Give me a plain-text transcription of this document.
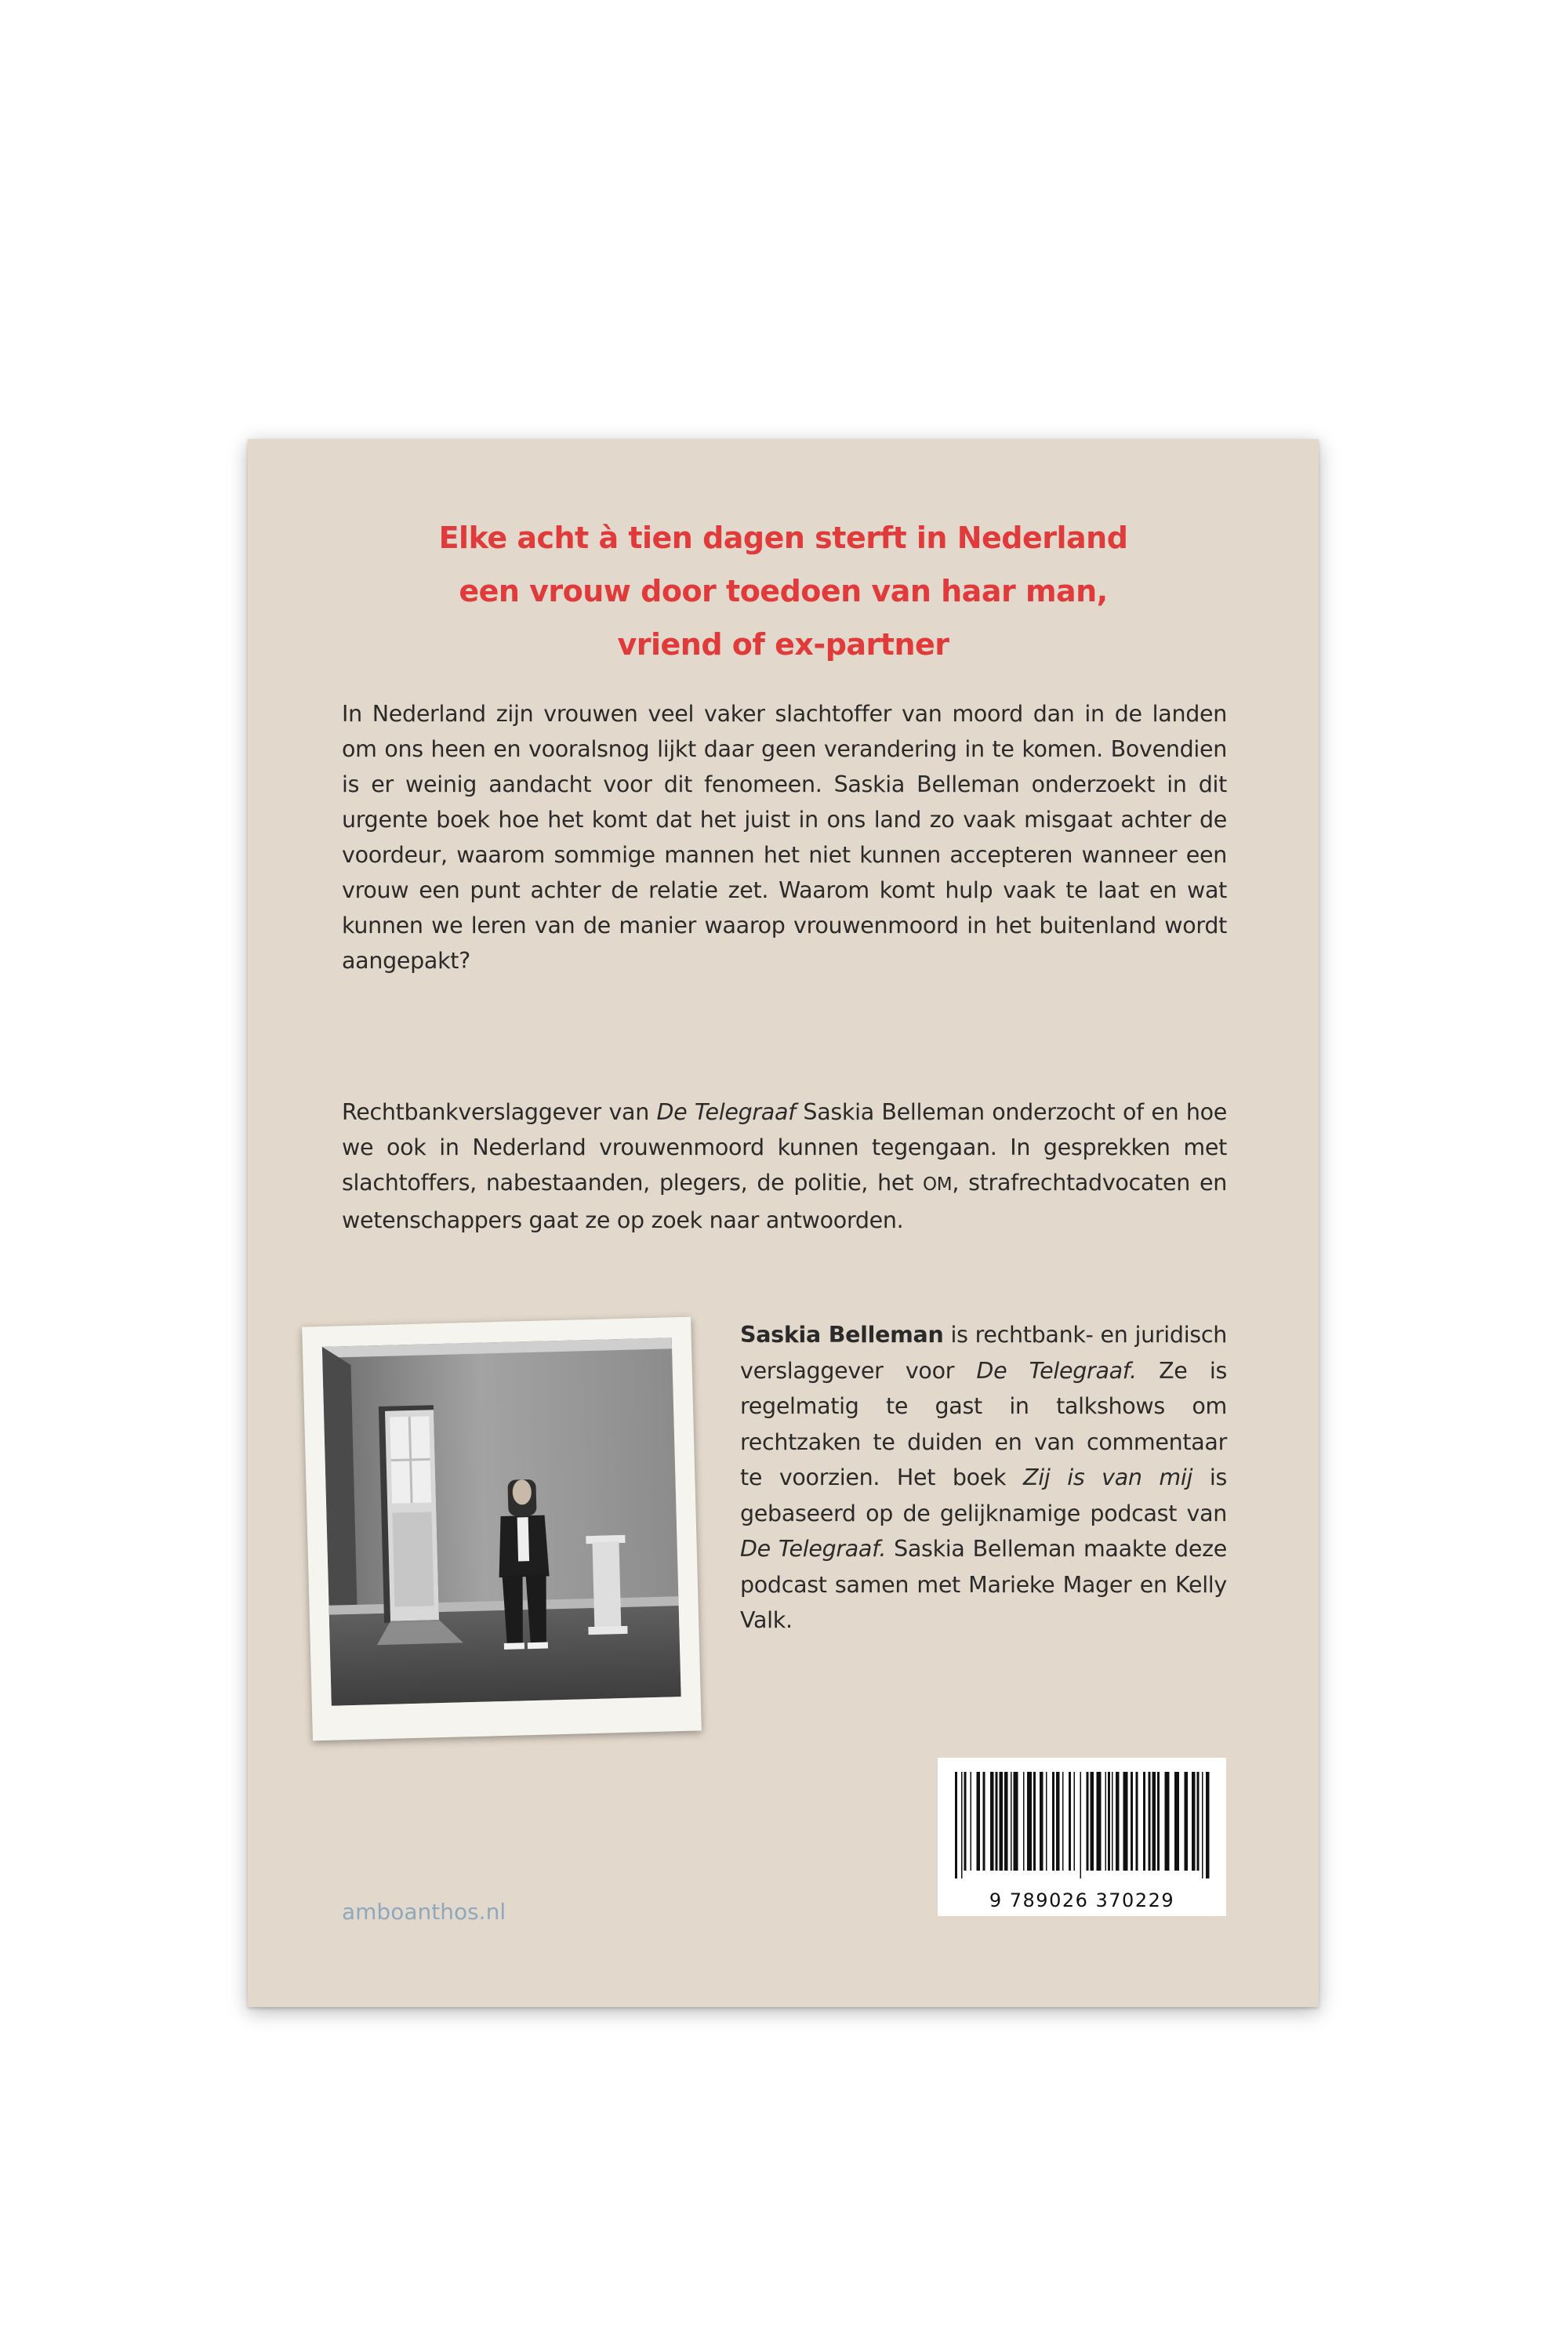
Elke acht à tien dagen sterft in Nederland
een vrouw door toedoen van haar man,
vriend of ex-partner
In Nederland zijn vrouwen veel vaker slachtoffer van moord dan in de landen om ons heen en vooralsnog lijkt daar geen verandering in te komen. Bovendien is er weinig aandacht voor dit fenomeen. Saskia Belleman onderzoekt in dit urgente boek hoe het komt dat het juist in ons land zo vaak misgaat achter de voordeur, waarom sommige mannen het niet kunnen accepteren wanneer een vrouw een punt achter de relatie zet. Waarom komt hulp vaak te laat en wat kunnen we leren van de manier waarop vrouwenmoord in het buitenland wordt aangepakt?
Rechtbankverslaggever van De Telegraaf Saskia Belleman onderzocht of en hoe we ook in Nederland vrouwenmoord kunnen tegengaan. In gesprekken met slachtoffers, nabestaanden, plegers, de politie, het OM, strafrechtadvocaten en wetenschappers gaat ze op zoek naar antwoorden.
Saskia Belleman is rechtbank- en juridisch verslaggever voor De Telegraaf. Ze is regelmatig te gast in talkshows om rechtzaken te duiden en van commentaar te voorzien. Het boek Zij is van mij is gebaseerd op de gelijknamige podcast van De Telegraaf. Saskia Belleman maakte deze podcast samen met Marieke Mager en Kelly Valk.
amboanthos.nl	9 789026 370229
